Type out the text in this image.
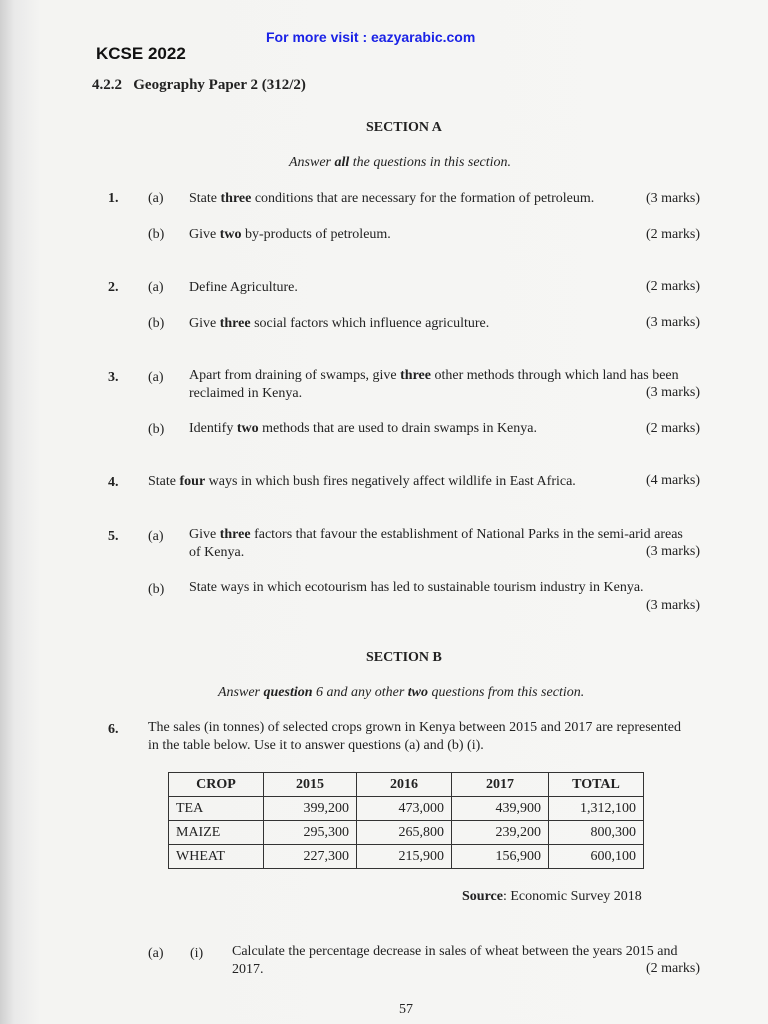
For more visit : eazyarabic.com
KCSE 2022
4.2.2 Geography Paper 2 (312/2)
SECTION A
Answer all the questions in this section.
1. (a) State three conditions that are necessary for the formation of petroleum.	(3 marks)
(b) Give two by-products of petroleum.	(2 marks)
2. (a) Define Agriculture.	(2 marks)
(b) Give three social factors which influence agriculture.	(3 marks)
3. (a) Apart from draining of swamps, give three other methods through which land has been
reclaimed in Kenya.	(3 marks)
(b) Identify two methods that are used to drain swamps in Kenya.	(2 marks)
4. State four ways in which bush fires negatively affect wildlife in East Africa.	(4 marks)
5. (a) Give three factors that favour the establishment of National Parks in the semi-arid areas
of Kenya.	(3 marks)
(b) State ways in which ecotourism has led to sustainable tourism industry in Kenya.
(3 marks)
SECTION B
Answer question 6 and any other two questions from this section.
6. The sales (in tonnes) of selected crops grown in Kenya between 2015 and 2017 are represented
in the table below. Use it to answer questions (a) and (b) (i).
CROP	2015	2016	2017	TOTAL
TEA	399,200	473,000	439,900	1,312,100
MAIZE	295,300	265,800	239,200	800,300
WHEAT	227,300	215,900	156,900	600,100
Source: Economic Survey 2018
(a) (i) Calculate the percentage decrease in sales of wheat between the years 2015 and
2017.	(2 marks)
57
